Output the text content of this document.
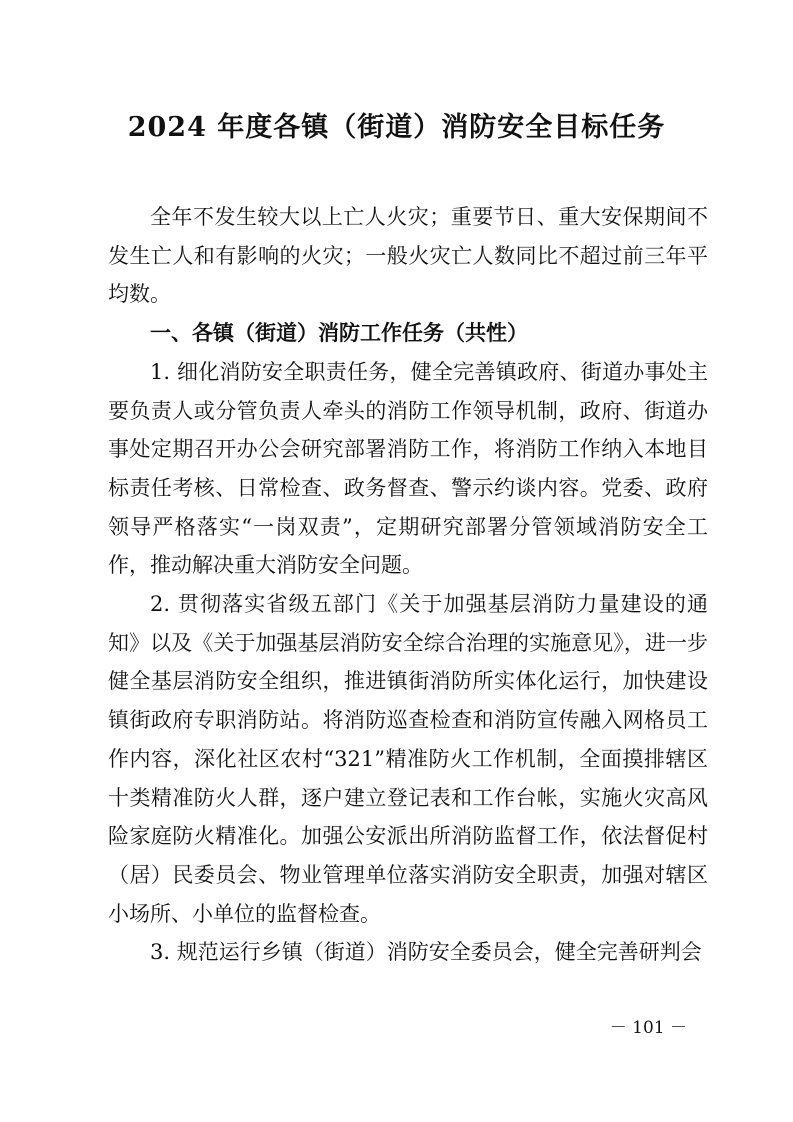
2024 年度各镇（街道）消防安全目标任务

全年不发生较大以上亡人火灾；重要节日、重大安保期间不发生亡人和有影响的火灾；一般火灾亡人数同比不超过前三年平均数。

一、各镇（街道）消防工作任务（共性）

1. 细化消防安全职责任务，健全完善镇政府、街道办事处主要负责人或分管负责人牵头的消防工作领导机制，政府、街道办事处定期召开办公会研究部署消防工作，将消防工作纳入本地目标责任考核、日常检查、政务督查、警示约谈内容。党委、政府领导严格落实“一岗双责”，定期研究部署分管领域消防安全工作，推动解决重大消防安全问题。

2. 贯彻落实省级五部门《关于加强基层消防力量建设的通知》以及《关于加强基层消防安全综合治理的实施意见》，进一步健全基层消防安全组织，推进镇街消防所实体化运行，加快建设镇街政府专职消防站。将消防巡查检查和消防宣传融入网格员工作内容，深化社区农村“321”精准防火工作机制，全面摸排辖区十类精准防火人群，逐户建立登记表和工作台帐，实施火灾高风险家庭防火精准化。加强公安派出所消防监督工作，依法督促村（居）民委员会、物业管理单位落实消防安全职责，加强对辖区小场所、小单位的监督检查。

3. 规范运行乡镇（街道）消防安全委员会，健全完善研判会

－ 101 －
